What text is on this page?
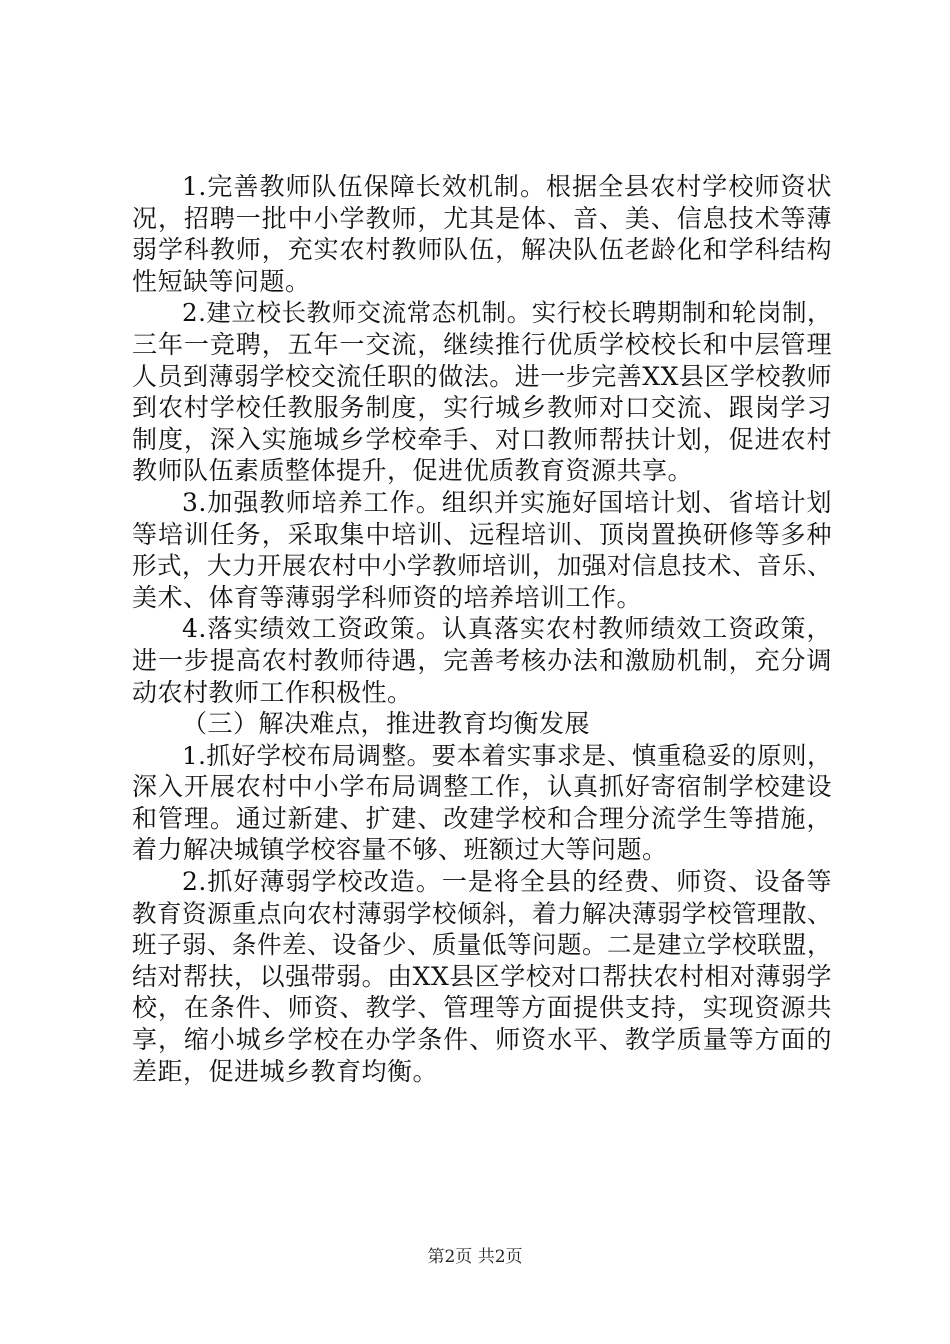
1.完善教师队伍保障长效机制。根据全县农村学校师资状
况，招聘一批中小学教师，尤其是体、音、美、信息技术等薄
弱学科教师，充实农村教师队伍，解决队伍老龄化和学科结构
性短缺等问题。
2.建立校长教师交流常态机制。实行校长聘期制和轮岗制，
三年一竞聘，五年一交流，继续推行优质学校校长和中层管理
人员到薄弱学校交流任职的做法。进一步完善XX县区学校教师
到农村学校任教服务制度，实行城乡教师对口交流、跟岗学习
制度，深入实施城乡学校牵手、对口教师帮扶计划，促进农村
教师队伍素质整体提升，促进优质教育资源共享。
3.加强教师培养工作。组织并实施好国培计划、省培计划
等培训任务，采取集中培训、远程培训、顶岗置换研修等多种
形式，大力开展农村中小学教师培训，加强对信息技术、音乐、
美术、体育等薄弱学科师资的培养培训工作。
4.落实绩效工资政策。认真落实农村教师绩效工资政策，
进一步提高农村教师待遇，完善考核办法和激励机制，充分调
动农村教师工作积极性。
（三）解决难点，推进教育均衡发展
1.抓好学校布局调整。要本着实事求是、慎重稳妥的原则，
深入开展农村中小学布局调整工作，认真抓好寄宿制学校建设
和管理。通过新建、扩建、改建学校和合理分流学生等措施，
着力解决城镇学校容量不够、班额过大等问题。
2.抓好薄弱学校改造。一是将全县的经费、师资、设备等
教育资源重点向农村薄弱学校倾斜，着力解决薄弱学校管理散、
班子弱、条件差、设备少、质量低等问题。二是建立学校联盟，
结对帮扶，以强带弱。由XX县区学校对口帮扶农村相对薄弱学
校，在条件、师资、教学、管理等方面提供支持，实现资源共
享，缩小城乡学校在办学条件、师资水平、教学质量等方面的
差距，促进城乡教育均衡。
第2页 共2页
